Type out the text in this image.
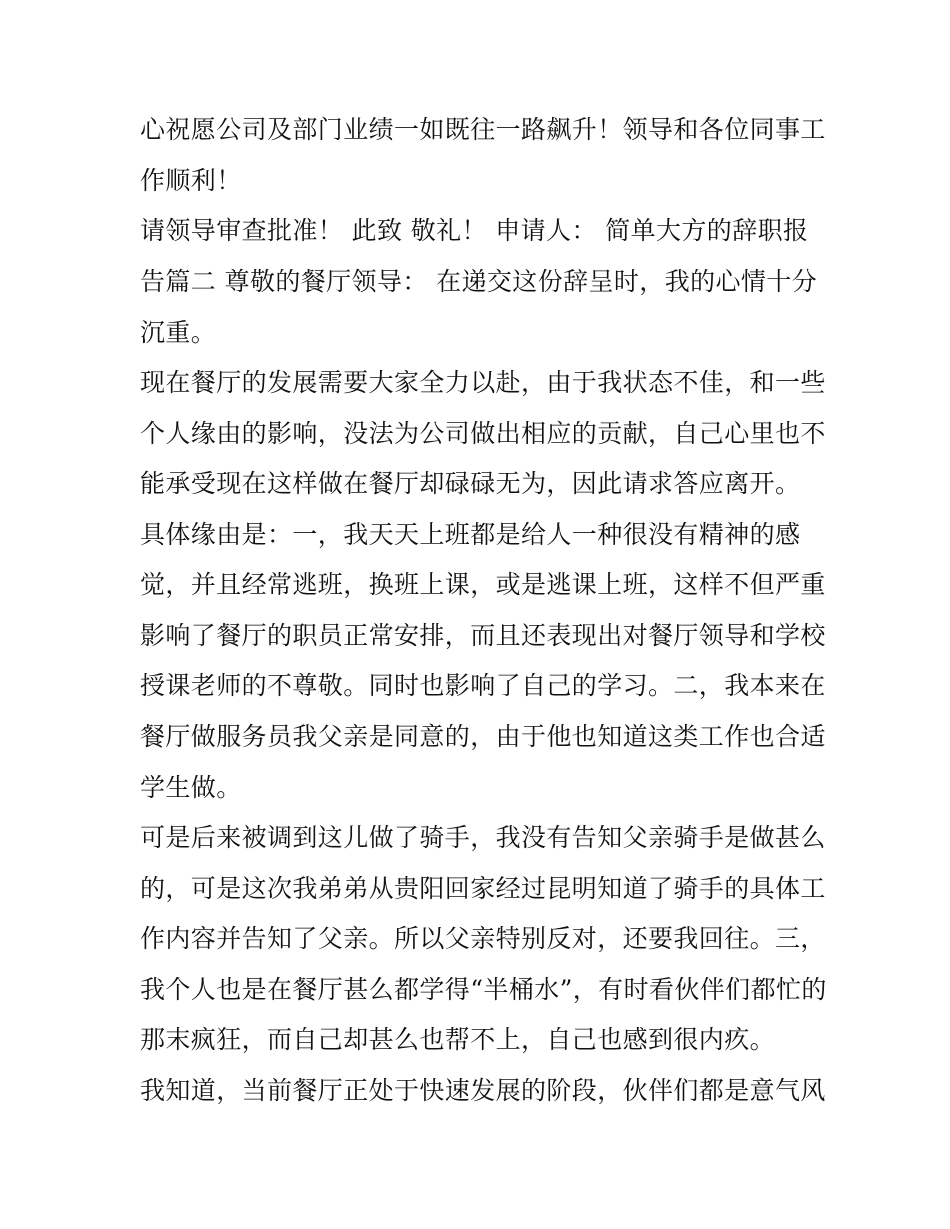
心祝愿公司及部门业绩一如既往一路飙升！领导和各位同事工
作顺利！
请领导审查批准！ 此致 敬礼！ 申请人： 简单大方的辞职报
告篇二 尊敬的餐厅领导： 在递交这份辞呈时，我的心情十分
沉重。
现在餐厅的发展需要大家全力以赴，由于我状态不佳，和一些
个人缘由的影响，没法为公司做出相应的贡献，自己心里也不
能承受现在这样做在餐厅却碌碌无为，因此请求答应离开。
具体缘由是：一，我天天上班都是给人一种很没有精神的感
觉，并且经常逃班，换班上课，或是逃课上班，这样不但严重
影响了餐厅的职员正常安排，而且还表现出对餐厅领导和学校
授课老师的不尊敬。同时也影响了自己的学习。二，我本来在
餐厅做服务员我父亲是同意的，由于他也知道这类工作也合适
学生做。
可是后来被调到这儿做了骑手，我没有告知父亲骑手是做甚么
的，可是这次我弟弟从贵阳回家经过昆明知道了骑手的具体工
作内容并告知了父亲。所以父亲特别反对，还要我回往。三，
我个人也是在餐厅甚么都学得“半桶水”，有时看伙伴们都忙的
那末疯狂，而自己却甚么也帮不上，自己也感到很内疚。
我知道，当前餐厅正处于快速发展的阶段，伙伴们都是意气风
